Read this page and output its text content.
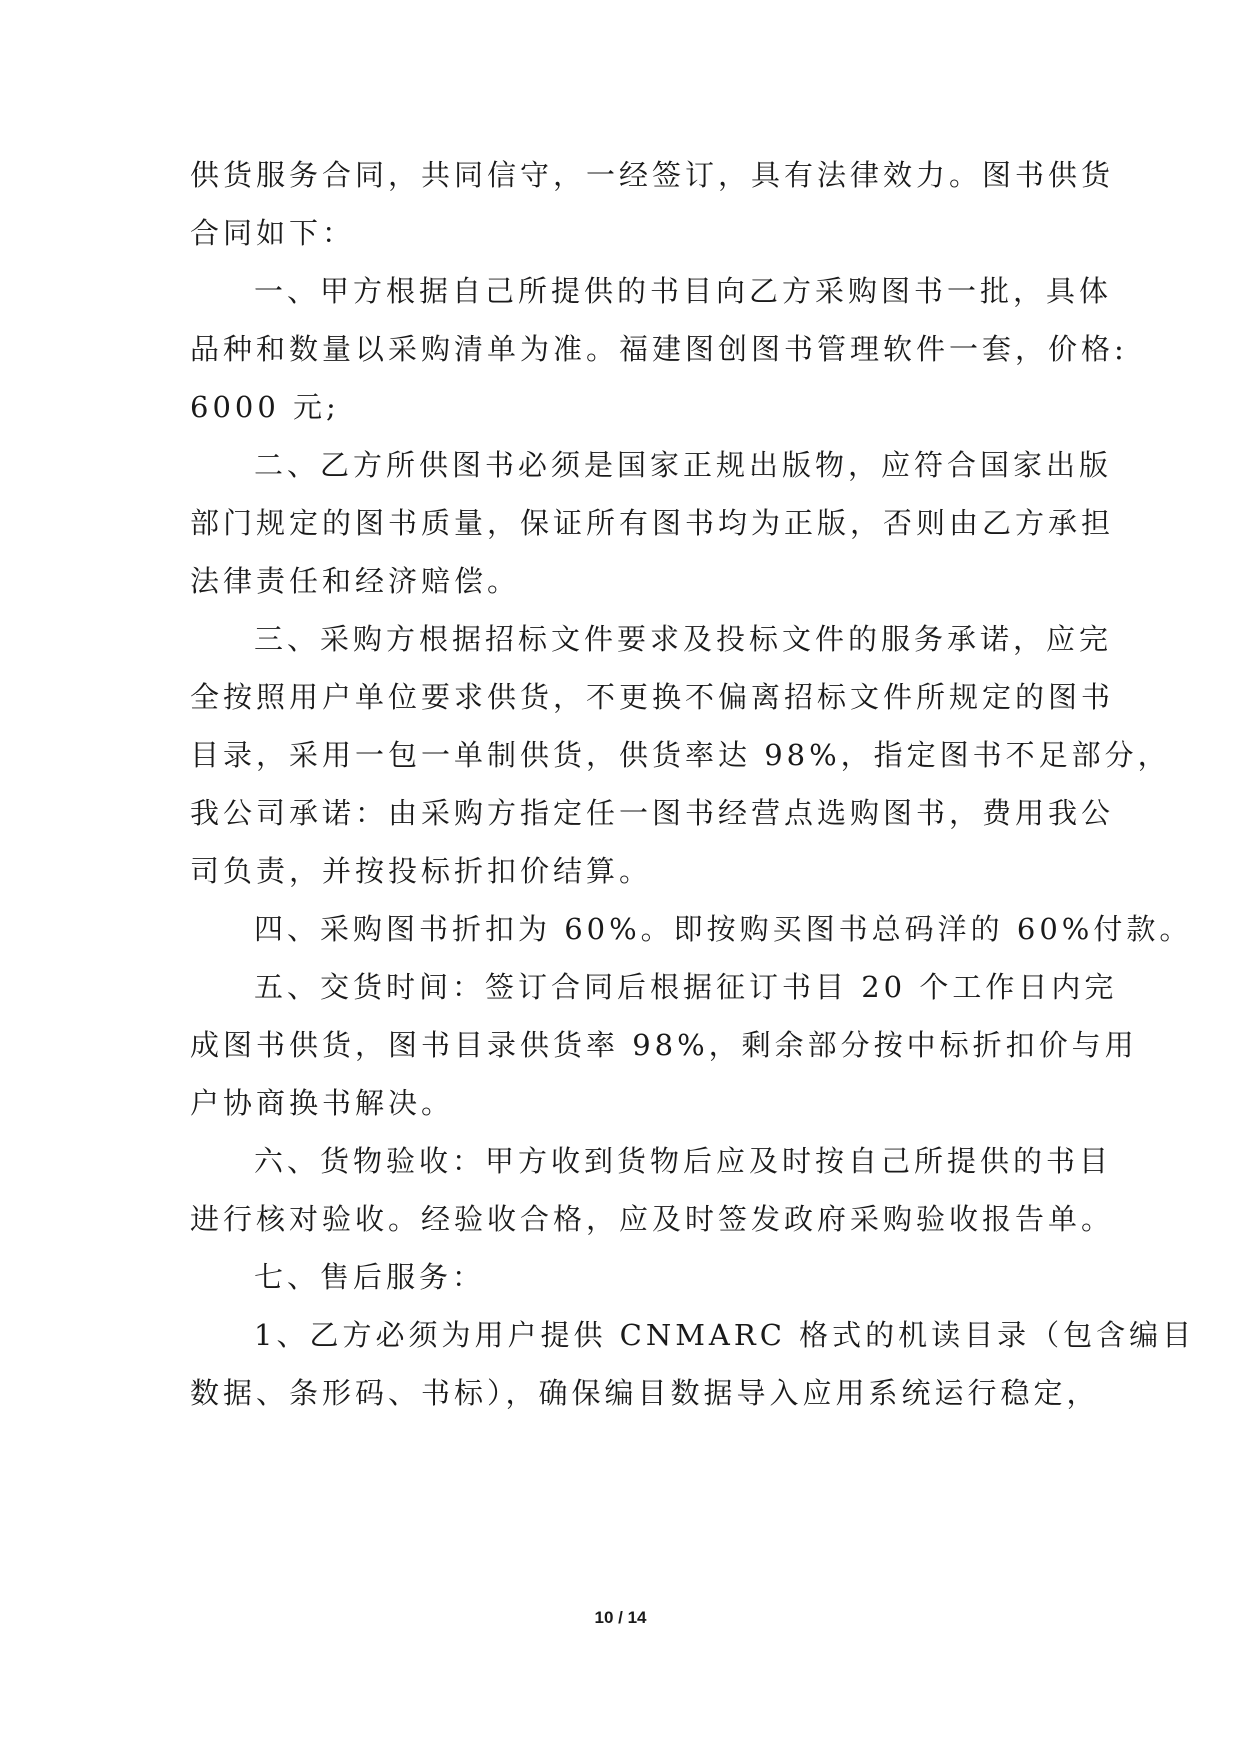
供货服务合同，共同信守，一经签订，具有法律效力。图书供货
合同如下：
一、甲方根据自己所提供的书目向乙方采购图书一批，具体
品种和数量以采购清单为准。福建图创图书管理软件一套，价格:
6000 元;
二、乙方所供图书必须是国家正规出版物，应符合国家出版
部门规定的图书质量，保证所有图书均为正版，否则由乙方承担
法律责任和经济赔偿。
三、采购方根据招标文件要求及投标文件的服务承诺，应完
全按照用户单位要求供货，不更换不偏离招标文件所规定的图书
目录，采用一包一单制供货，供货率达 98%，指定图书不足部分，
我公司承诺：由采购方指定任一图书经营点选购图书，费用我公
司负责，并按投标折扣价结算。
四、采购图书折扣为 60%。即按购买图书总码洋的 60%付款。
五、交货时间：签订合同后根据征订书目 20 个工作日内完
成图书供货，图书目录供货率 98%，剩余部分按中标折扣价与用
户协商换书解决。
六、货物验收：甲方收到货物后应及时按自己所提供的书目
进行核对验收。经验收合格，应及时签发政府采购验收报告单。
七、售后服务：
1、乙方必须为用户提供 CNMARC 格式的机读目录（包含编目
数据、条形码、书标），确保编目数据导入应用系统运行稳定，
10 / 14
